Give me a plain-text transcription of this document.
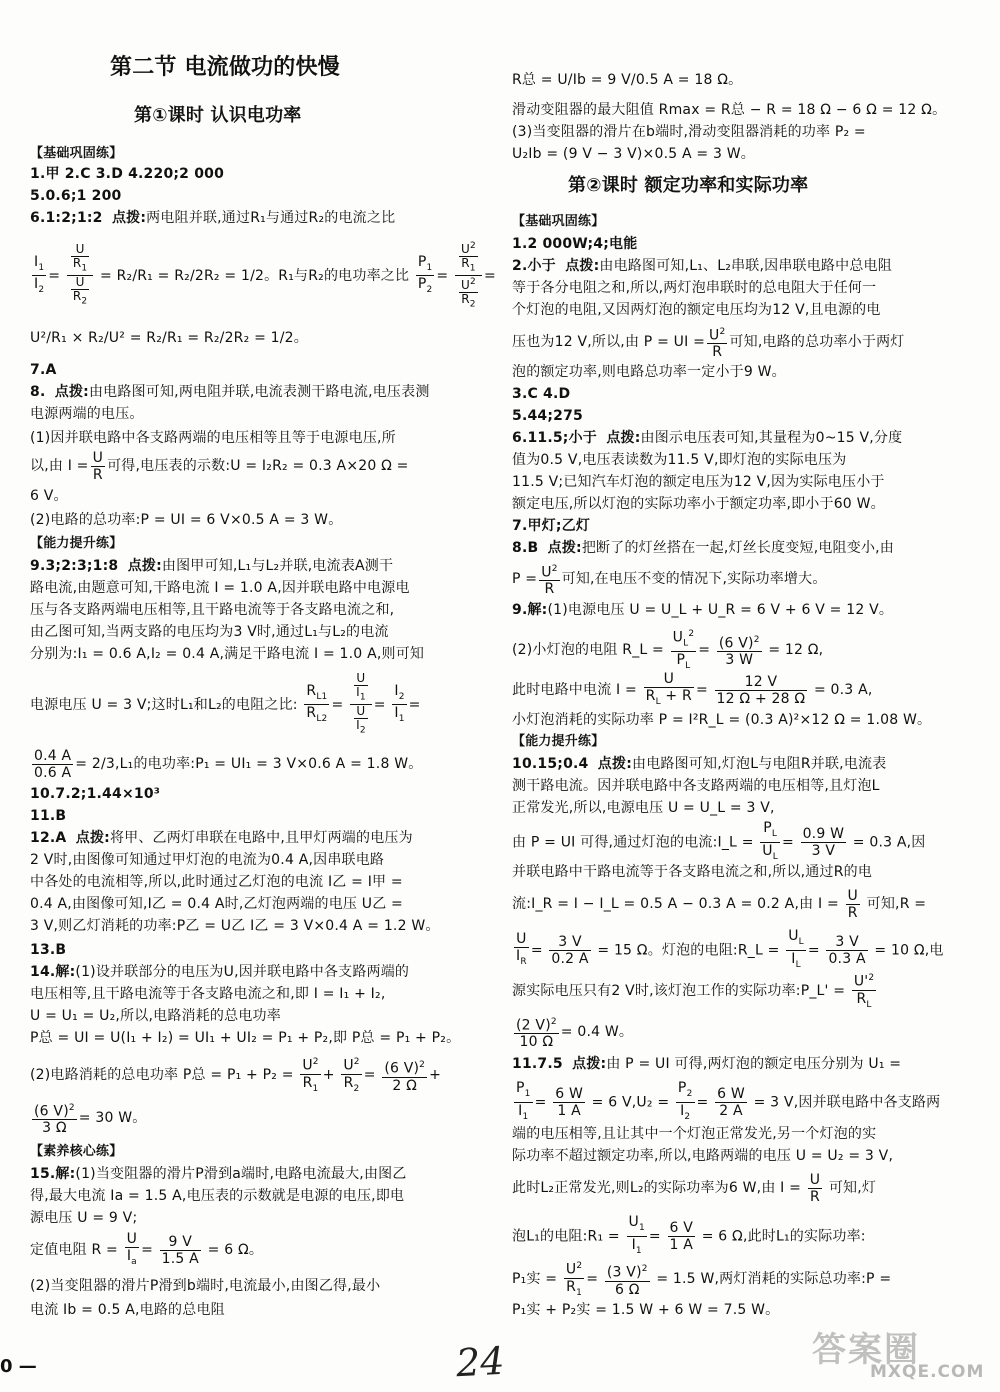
第二节 电流做功的快慢
第①课时 认识电功率
【基础巩固练】
1.甲 2.C 3.D 4.220;2 000
5.0.6;1 200
6.1:2;1:2 点拨:两电阻并联,通过R₁与通过R₂的电流之比
$\frac{I_1}{I_2} = \frac{\frac{U}{R_1}}{\frac{U}{R_2}} = R_2/R_1 = R_2/2R_2 = 1/2$。R₁与R₂的电功率之比 $\frac{P_1}{P_2} = \frac{\frac{U^2}{R_1}}{\frac{U^2}{R_2}}$ =
U²/R₁ × R₂/U² = R₂/R₁ = R₂/2R₂ = 1/2。
7.A
8. 点拨:由电路图可知,两电阻并联,电流表测干路电流,电压表测
电源两端的电压。
(1)因并联电路中各支路两端的电压相等且等于电源电压,所
以,由 $I = \frac{U}{R}$ 可得,电压表的示数:U = I₂R₂ = 0.3 A×20 Ω =
6 V。
(2)电路的总功率:P = UI = 6 V×0.5 A = 3 W。
【能力提升练】
9.3;2:3;1:8 点拨:由图甲可知,L₁与L₂并联,电流表A测干
路电流,由题意可知,干路电流 I = 1.0 A,因并联电路中电源电
压与各支路两端电压相等,且干路电流等于各支路电流之和,
由乙图可知,当两支路的电压均为3 V时,通过L₁与L₂的电流
分别为:I₁ = 0.6 A,I₂ = 0.4 A,满足干路电流 I = 1.0 A,则可知
电源电压 U = 3 V;这时L₁和L₂的电阻之比: $\frac{R_{L1}}{R_{L2}} = \frac{\frac{U}{I_1}}{\frac{U}{I_2}} = \frac{I_2}{I_1}$ =
$\frac{0.4 A}{0.6 A} = 2/3,L_1$的电功率:P₁ = UI₁ = 3 V×0.6 A = 1.8 W。
10.7.2;1.44×10³
11.B
12.A 点拨:将甲、乙两灯串联在电路中,且甲灯两端的电压为
2 V时,由图像可知通过甲灯泡的电流为0.4 A,因串联电路
中各处的电流相等,所以,此时通过乙灯泡的电流 I乙 = I甲 =
0.4 A,由图像可知,I乙 = 0.4 A时,乙灯泡两端的电压 U乙 =
3 V,则乙灯消耗的功率:P乙 = U乙 I乙 = 3 V×0.4 A = 1.2 W。
13.B
14.解:(1)设并联部分的电压为U,因并联电路中各支路两端的
电压相等,且干路电流等于各支路电流之和,即 I = I₁ + I₂,
U = U₁ = U₂,所以,电路消耗的总电功率
P总 = UI = U(I₁ + I₂) = UI₁ + UI₂ = P₁ + P₂,即 P总 = P₁ + P₂。
(2)电路消耗的总电功率 P总 = $P_1 + P_2 = \frac{U^2}{R_1} + \frac{U^2}{R_2} = \frac{(6 V)^2}{2 \Omega}$ +
$\frac{(6 V)^2}{3 \Omega} = 30$ W。
【素养核心练】
15.解:(1)当变阻器的滑片P滑到a端时,电路电流最大,由图乙
得,最大电流 Ia = 1.5 A,电压表的示数就是电源的电压,即电
源电压 U = 9 V;
定值电阻 $R = \frac{U}{I_a} = \frac{9 V}{1.5 A} = 6$ Ω。
(2)当变阻器的滑片P滑到b端时,电流最小,由图乙得,最小
电流 Ib = 0.5 A,电路的总电阻
R总 = U/Ib = 9 V/0.5 A = 18 Ω。
滑动变阻器的最大阻值 Rmax = R总 − R = 18 Ω − 6 Ω = 12 Ω。
(3)当变阻器的滑片在b端时,滑动变阻器消耗的功率 P₂ =
U₂Ib = (9 V − 3 V)×0.5 A = 3 W。
第②课时 额定功率和实际功率
【基础巩固练】
1.2 000W;4;电能
2.小于 点拨:由电路图可知,L₁、L₂串联,因串联电路中总电阻
等于各分电阻之和,所以,两灯泡串联时的总电阻大于任何一
个灯泡的电阻,又因两灯泡的额定电压均为12 V,且电源的电
压也为12 V,所以,由 P = UI = $\frac{U^2}{R}$ 可知,电路的总功率小于两灯
泡的额定功率,则电路总功率一定小于9 W。
3.C 4.D
5.44;275
6.11.5;小于 点拨:由图示电压表可知,其量程为0~15 V,分度
值为0.5 V,电压表读数为11.5 V,即灯泡的实际电压为
11.5 V;已知汽车灯泡的额定电压为12 V,因为实际电压小于
额定电压,所以灯泡的实际功率小于额定功率,即小于60 W。
7.甲灯;乙灯
8.B 点拨:把断了的灯丝搭在一起,灯丝长度变短,电阻变小,由
$P = \frac{U^2}{R}$ 可知,在电压不变的情况下,实际功率增大。
9.解:(1)电源电压 U = U_L + U_R = 6 V + 6 V = 12 V。
(2)小灯泡的电阻 R_L = $\frac{U_L^2}{P_L} = \frac{(6 V)^2}{3 W} = 12$ Ω,
此时电路中电流 $I = \frac{U}{R_L + R} = \frac{12 V}{12 \Omega + 28 \Omega} = 0.3$ A,
小灯泡消耗的实际功率 P = I²R_L = (0.3 A)²×12 Ω = 1.08 W。
【能力提升练】
10.15;0.4 点拨:由电路图可知,灯泡L与电阻R并联,电流表
测干路电流。因并联电路中各支路两端的电压相等,且灯泡L
正常发光,所以,电源电压 U = U_L = 3 V,
由 P = UI 可得,通过灯泡的电流:I_L = $\frac{P_L}{U_L} = \frac{0.9 W}{3 V} = 0.3$ A,因
并联电路中干路电流等于各支路电流之和,所以,通过R的电
流:I_R = I − I_L = 0.5 A − 0.3 A = 0.2 A,由 $I = \frac{U}{R}$ 可知,R =
$\frac{U}{I_R} = \frac{3 V}{0.2 A} = 15$ Ω。灯泡的电阻:R_L = $\frac{U_L}{I_L} = \frac{3 V}{0.3 A} = 10$ Ω,电
源实际电压只有2 V时,该灯泡工作的实际功率:P_L' = $\frac{U'^2}{R_L}$
$\frac{(2 V)^2}{10 \Omega} = 0.4$ W。
11.7.5 点拨:由 P = UI 可得,两灯泡的额定电压分别为 U₁ =
$\frac{P_1}{I_1} = \frac{6 W}{1 A} = 6$ $V,U_2 = \frac{P_2}{I_2} = \frac{6 W}{2 A} = 3$ V,因并联电路中各支路两
端的电压相等,且让其中一个灯泡正常发光,另一个灯泡的实
际功率不超过额定功率,所以,电路两端的电压 U = U₂ = 3 V,
此时L₂正常发光,则L₂的实际功率为6 W,由 $I = \frac{U}{R}$ 可知,灯
泡L₁的电阻:R₁ = $\frac{U_1}{I_1} = \frac{6 V}{1 A} = 6$ Ω,此时L₁的实际功率:
P₁实 = $\frac{U^2}{R_1} = \frac{(3 V)^2}{6 \Omega} = 1.5$ W,两灯消耗的实际总功率:P =
P₁实 + P₂实 = 1.5 W + 6 W = 7.5 W。
0 —	24	答案圈
MXQE.COM
